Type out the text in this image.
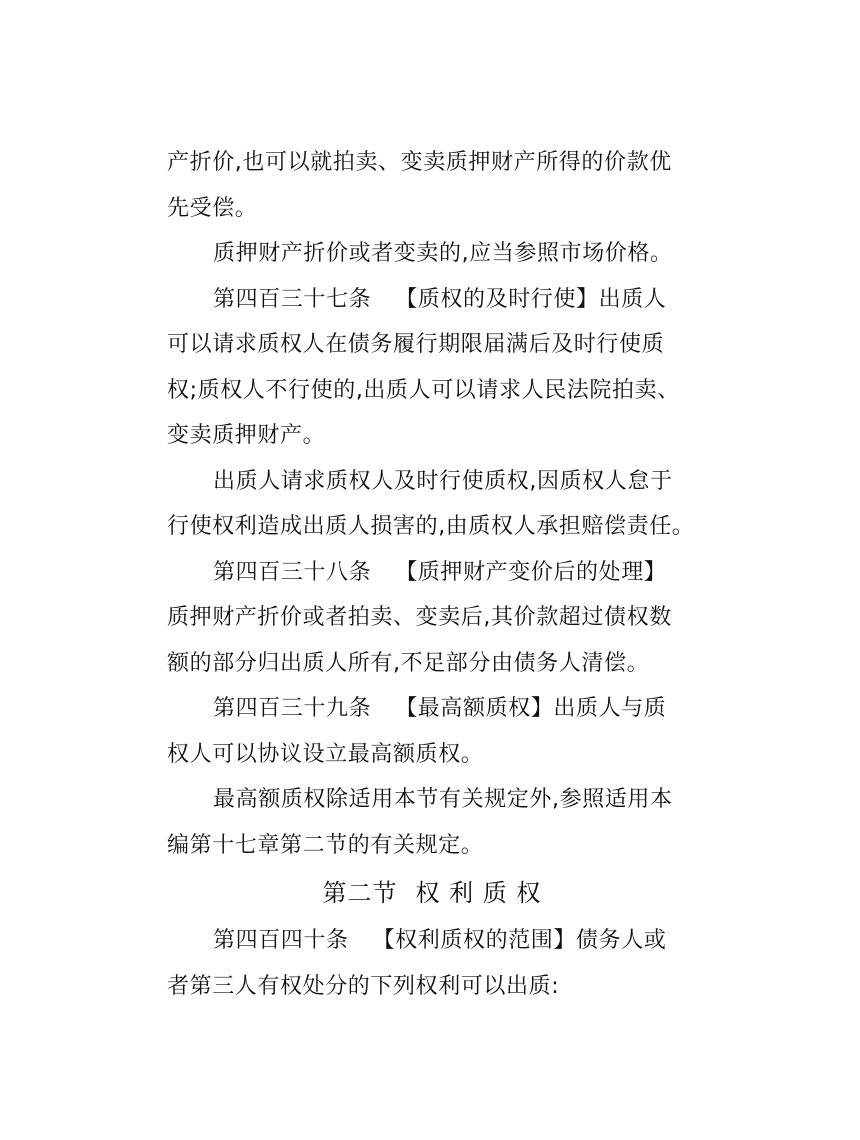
产折价,也可以就拍卖、变卖质押财产所得的价款优
先受偿。
质押财产折价或者变卖的,应当参照市场价格。
第四百三十七条 【质权的及时行使】出质人
可以请求质权人在债务履行期限届满后及时行使质
权;质权人不行使的,出质人可以请求人民法院拍卖、
变卖质押财产。
出质人请求质权人及时行使质权,因质权人怠于
行使权利造成出质人损害的,由质权人承担赔偿责任。
第四百三十八条 【质押财产变价后的处理】
质押财产折价或者拍卖、变卖后,其价款超过债权数
额的部分归出质人所有,不足部分由债务人清偿。
第四百三十九条 【最高额质权】出质人与质
权人可以协议设立最高额质权。
最高额质权除适用本节有关规定外,参照适用本
编第十七章第二节的有关规定。
第二节 权 利 质 权
第四百四十条 【权利质权的范围】债务人或
者第三人有权处分的下列权利可以出质:
